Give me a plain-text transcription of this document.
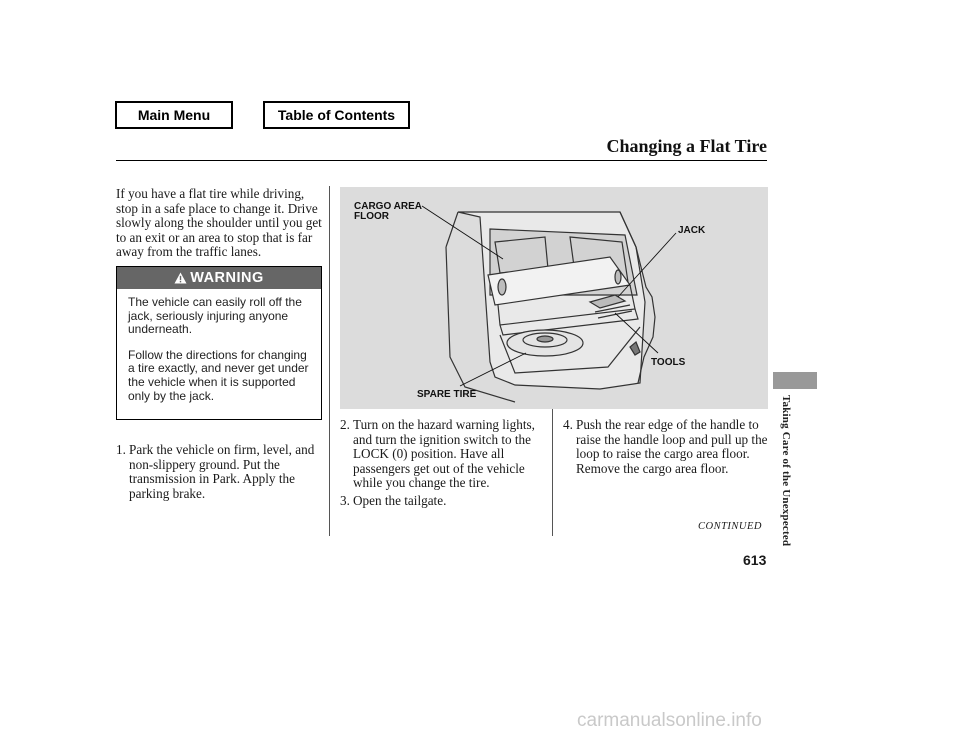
Main Menu	Table of Contents
Changing a Flat Tire
If you have a flat tire while driving, stop in a safe place to change it. Drive slowly along the shoulder until you get to an exit or an area to stop that is far away from the traffic lanes.
WARNING

The vehicle can easily roll off the jack, seriously injuring anyone underneath.

Follow the directions for changing a tire exactly, and never get under the vehicle when it is supported only by the jack.

1. Park the vehicle on firm, level, and non-slippery ground. Put the transmission in Park. Apply the parking brake.
2. Turn on the hazard warning lights, and turn the ignition switch to the LOCK (0) position. Have all passengers get out of the vehicle while you change the tire.
3. Open the tailgate.
4. Push the rear edge of the handle to raise the handle loop and pull up the loop to raise the cargo area floor.
Remove the cargo area floor.
CARGO AREA
FLOOR
JACK
TOOLS
SPARE TIRE
CONTINUED
613
Taking Care of the Unexpected
carmanualsonline.info
